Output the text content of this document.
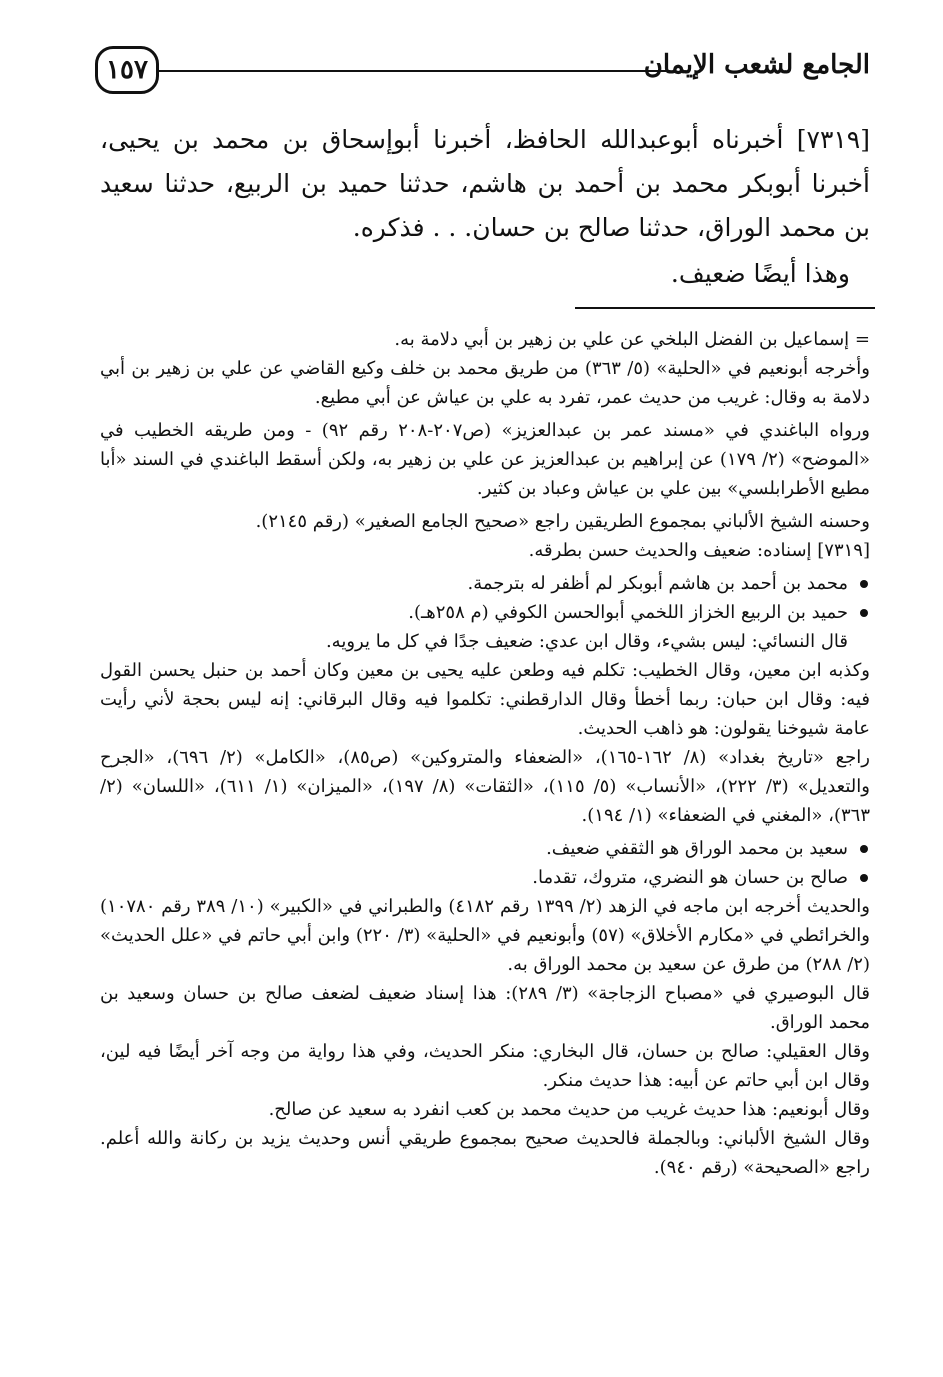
١٥٧	الجامع لشعب الإيمان

[٧٣١٩] أخبرناه أبوعبدالله الحافظ، أخبرنا أبوإسحاق بن محمد بن يحيى، أخبرنا أبوبكر محمد بن أحمد بن هاشم، حدثنا حميد بن الربيع، حدثنا سعيد بن محمد الوراق، حدثنا صالح بن حسان. . . فذكره.

وهذا أيضًا ضعيف.

= إسماعيل بن الفضل البلخي عن علي بن زهير بن أبي دلامة به.

وأخرجه أبونعيم في «الحلية» (٥/ ٣٦٣) من طريق محمد بن خلف وكيع القاضي عن علي بن زهير بن أبي دلامة به وقال: غريب من حديث عمر، تفرد به علي بن عياش عن أبي مطيع.

ورواه الباغندي في «مسند عمر بن عبدالعزيز» (ص٢٠٧-٢٠٨ رقم ٩٢) - ومن طريقه الخطيب في «الموضح» (٢/ ١٧٩) عن إبراهيم بن عبدالعزيز عن علي بن زهير به، ولكن أسقط الباغندي في السند «أبا مطيع الأطرابلسي» بين علي بن عياش وعباد بن كثير.

وحسنه الشيخ الألباني بمجموع الطريقين راجع «صحيح الجامع الصغير» (رقم ٢١٤٥).

[٧٣١٩] إسناده: ضعيف والحديث حسن بطرقه.

محمد بن أحمد بن هاشم أبوبكر لم أظفر له بترجمة.

حميد بن الربيع الخزاز اللخمي أبوالحسن الكوفي (م ٢٥٨هـ).

قال النسائي: ليس بشيء، وقال ابن عدي: ضعيف جدًا في كل ما يرويه.

وكذبه ابن معين، وقال الخطيب: تكلم فيه وطعن عليه يحيى بن معين وكان أحمد بن حنبل يحسن القول فيه: وقال ابن حبان: ربما أخطأ وقال الدارقطني: تكلموا فيه وقال البرقاني: إنه ليس بحجة لأني رأيت عامة شيوخنا يقولون: هو ذاهب الحديث.

راجع «تاريخ بغداد» (٨/ ١٦٢-١٦٥)، «الضعفاء والمتروكين» (ص٨٥)، «الكامل» (٢/ ٦٩٦)، «الجرح والتعديل» (٣/ ٢٢٢)، «الأنساب» (٥/ ١١٥)، «الثقات» (٨/ ١٩٧)، «الميزان» (١/ ٦١١)، «اللسان» (٢/ ٣٦٣)، «المغني في الضعفاء» (١/ ١٩٤).

سعيد بن محمد الوراق هو الثقفي ضعيف.

صالح بن حسان هو النضري، متروك، تقدما.

والحديث أخرجه ابن ماجه في الزهد (٢/ ١٣٩٩ رقم ٤١٨٢) والطبراني في «الكبير» (١٠/ ٣٨٩ رقم ١٠٧٨٠) والخرائطي في «مكارم الأخلاق» (٥٧) وأبونعيم في «الحلية» (٣/ ٢٢٠) وابن أبي حاتم في «علل الحديث» (٢/ ٢٨٨) من طرق عن سعيد بن محمد الوراق به.

قال البوصيري في «مصباح الزجاجة» (٣/ ٢٨٩): هذا إسناد ضعيف لضعف صالح بن حسان وسعيد بن محمد الوراق.

وقال العقيلي: صالح بن حسان، قال البخاري: منكر الحديث، وفي هذا رواية من وجه آخر أيضًا فيه لين، وقال ابن أبي حاتم عن أبيه: هذا حديث منكر.

وقال أبونعيم: هذا حديث غريب من حديث محمد بن كعب انفرد به سعيد عن صالح.

وقال الشيخ الألباني: وبالجملة فالحديث صحيح بمجموع طريقي أنس وحديث يزيد بن ركانة والله أعلم. راجع «الصحيحة» (رقم ٩٤٠).
